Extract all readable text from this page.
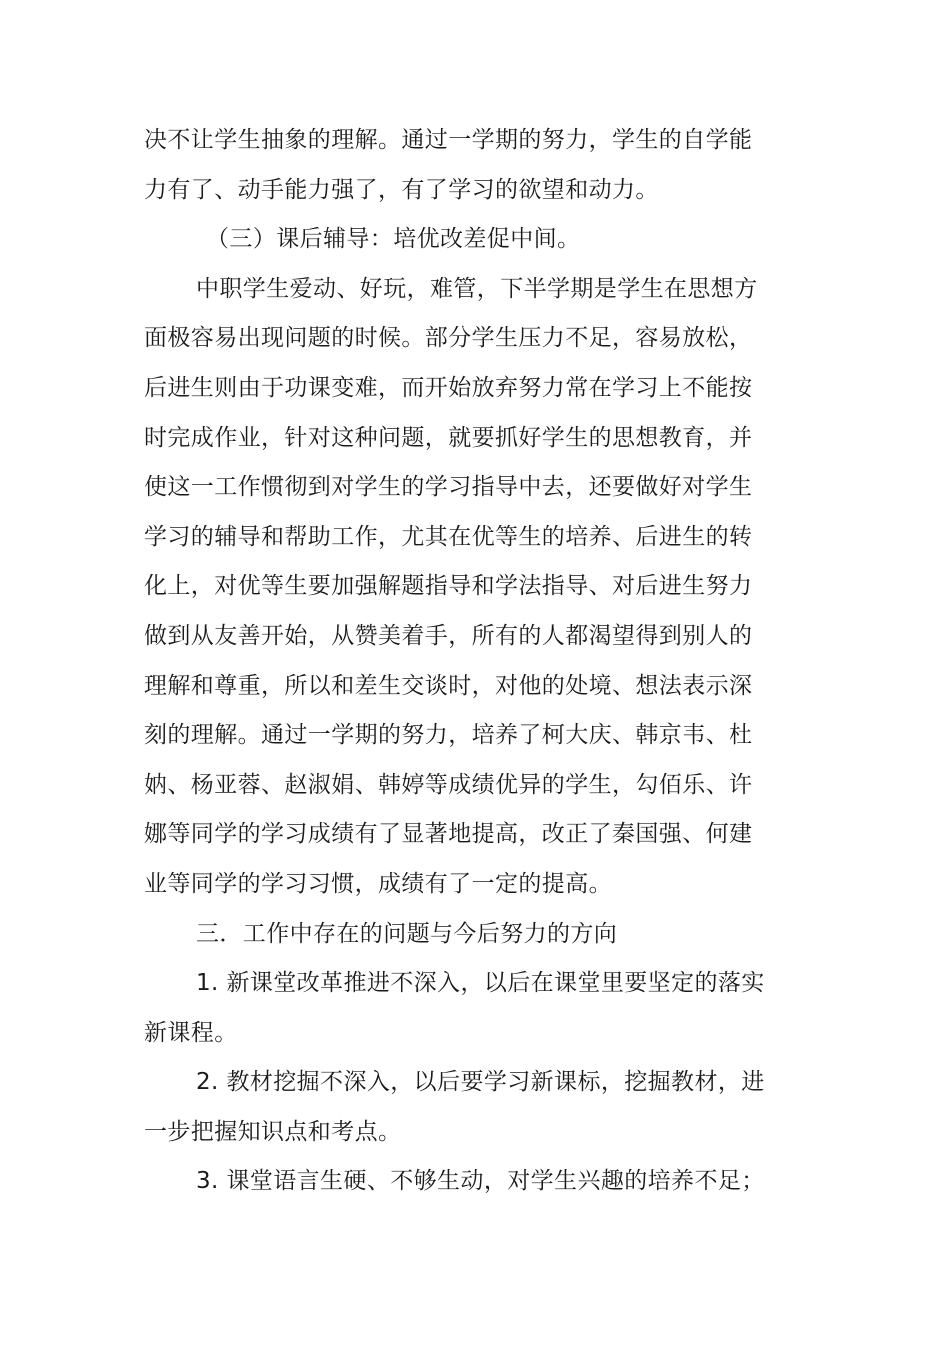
决不让学生抽象的理解。通过一学期的努力，学生的自学能
力有了、动手能力强了，有了学习的欲望和动力。
（三）课后辅导：培优改差促中间。
中职学生爱动、好玩，难管，下半学期是学生在思想方
面极容易出现问题的时候。部分学生压力不足，容易放松，
后进生则由于功课变难，而开始放弃努力常在学习上不能按
时完成作业，针对这种问题，就要抓好学生的思想教育，并
使这一工作惯彻到对学生的学习指导中去，还要做好对学生
学习的辅导和帮助工作，尤其在优等生的培养、后进生的转
化上，对优等生要加强解题指导和学法指导、对后进生努力
做到从友善开始，从赞美着手，所有的人都渴望得到别人的
理解和尊重，所以和差生交谈时，对他的处境、想法表示深
刻的理解。通过一学期的努力，培养了柯大庆、韩京韦、杜
妠、杨亚蓉、赵淑娟、韩婷等成绩优异的学生，勾佰乐、许
娜等同学的学习成绩有了显著地提高，改正了秦国强、何建
业等同学的学习习惯，成绩有了一定的提高。
三．工作中存在的问题与今后努力的方向
1. 新课堂改革推进不深入，以后在课堂里要坚定的落实
新课程。
2. 教材挖掘不深入，以后要学习新课标，挖掘教材，进
一步把握知识点和考点。
3. 课堂语言生硬、不够生动，对学生兴趣的培养不足；
